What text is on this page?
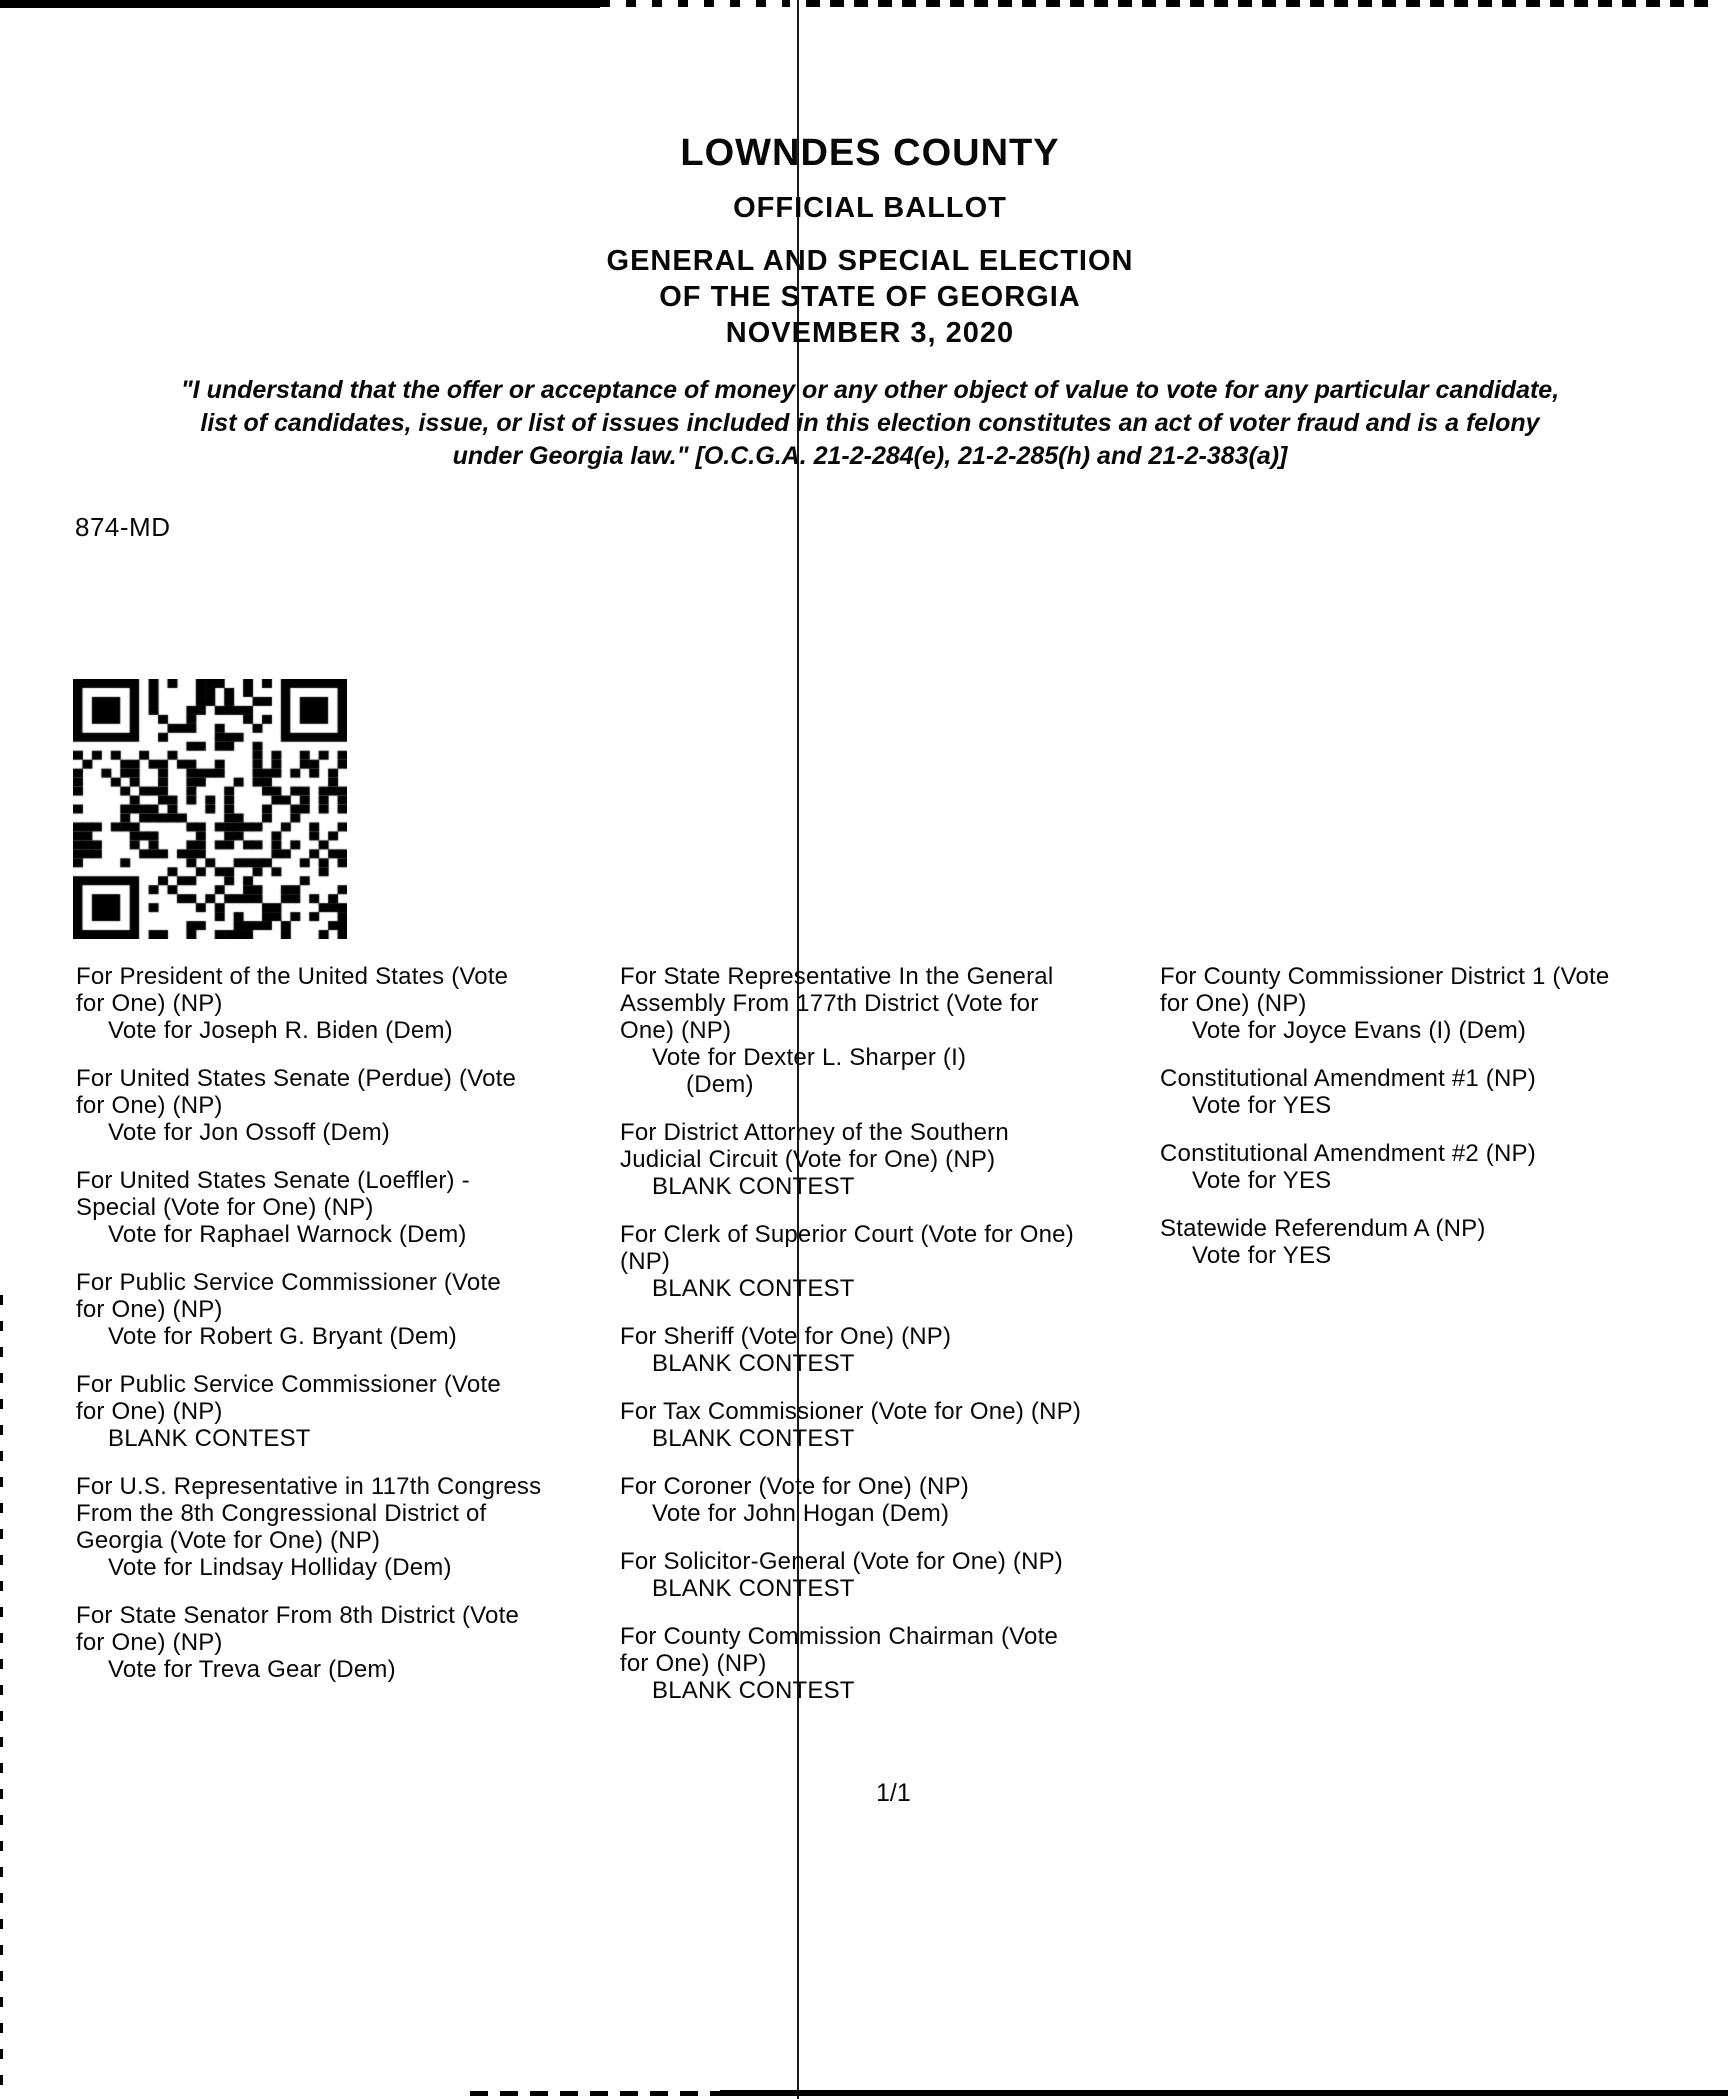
LOWNDES COUNTY
OFFICIAL BALLOT
GENERAL AND SPECIAL ELECTION
OF THE STATE OF GEORGIA
NOVEMBER 3, 2020
"I understand that the offer or acceptance of money or any other object of value to vote for any particular candidate,
list of candidates, issue, or list of issues included in this election constitutes an act of voter fraud and is a felony
under Georgia law." [O.C.G.A. 21-2-284(e), 21-2-285(h) and 21-2-383(a)]
874-MD
For President of the United States (Vote
for One) (NP)
Vote for Joseph R. Biden (Dem)
For United States Senate (Perdue) (Vote
for One) (NP)
Vote for Jon Ossoff (Dem)
For United States Senate (Loeffler) -
Special (Vote for One) (NP)
Vote for Raphael Warnock (Dem)
For Public Service Commissioner (Vote
for One) (NP)
Vote for Robert G. Bryant (Dem)
For Public Service Commissioner (Vote
for One) (NP)
BLANK CONTEST
For U.S. Representative in 117th Congress
From the 8th Congressional District of
Georgia (Vote for One) (NP)
Vote for Lindsay Holliday (Dem)
For State Senator From 8th District (Vote
for One) (NP)
Vote for Treva Gear (Dem)
For State Representative In the General
Assembly From 177th District (Vote for
One) (NP)
Vote for Dexter L. Sharper (I)
(Dem)
For District Attorney of the Southern
Judicial Circuit (Vote for One) (NP)
BLANK CONTEST
For Clerk of Superior Court (Vote for One)
(NP)
BLANK CONTEST
For Sheriff (Vote for One) (NP)
BLANK CONTEST
For Tax Commissioner (Vote for One) (NP)
BLANK CONTEST
For Coroner (Vote for One) (NP)
Vote for John Hogan (Dem)
For Solicitor-General (Vote for One) (NP)
BLANK CONTEST
For County Commission Chairman (Vote
for One) (NP)
BLANK CONTEST
For County Commissioner District 1 (Vote
for One) (NP)
Vote for Joyce Evans (I) (Dem)
Constitutional Amendment #1 (NP)
Vote for YES
Constitutional Amendment #2 (NP)
Vote for YES
Statewide Referendum A (NP)
Vote for YES
1/1
